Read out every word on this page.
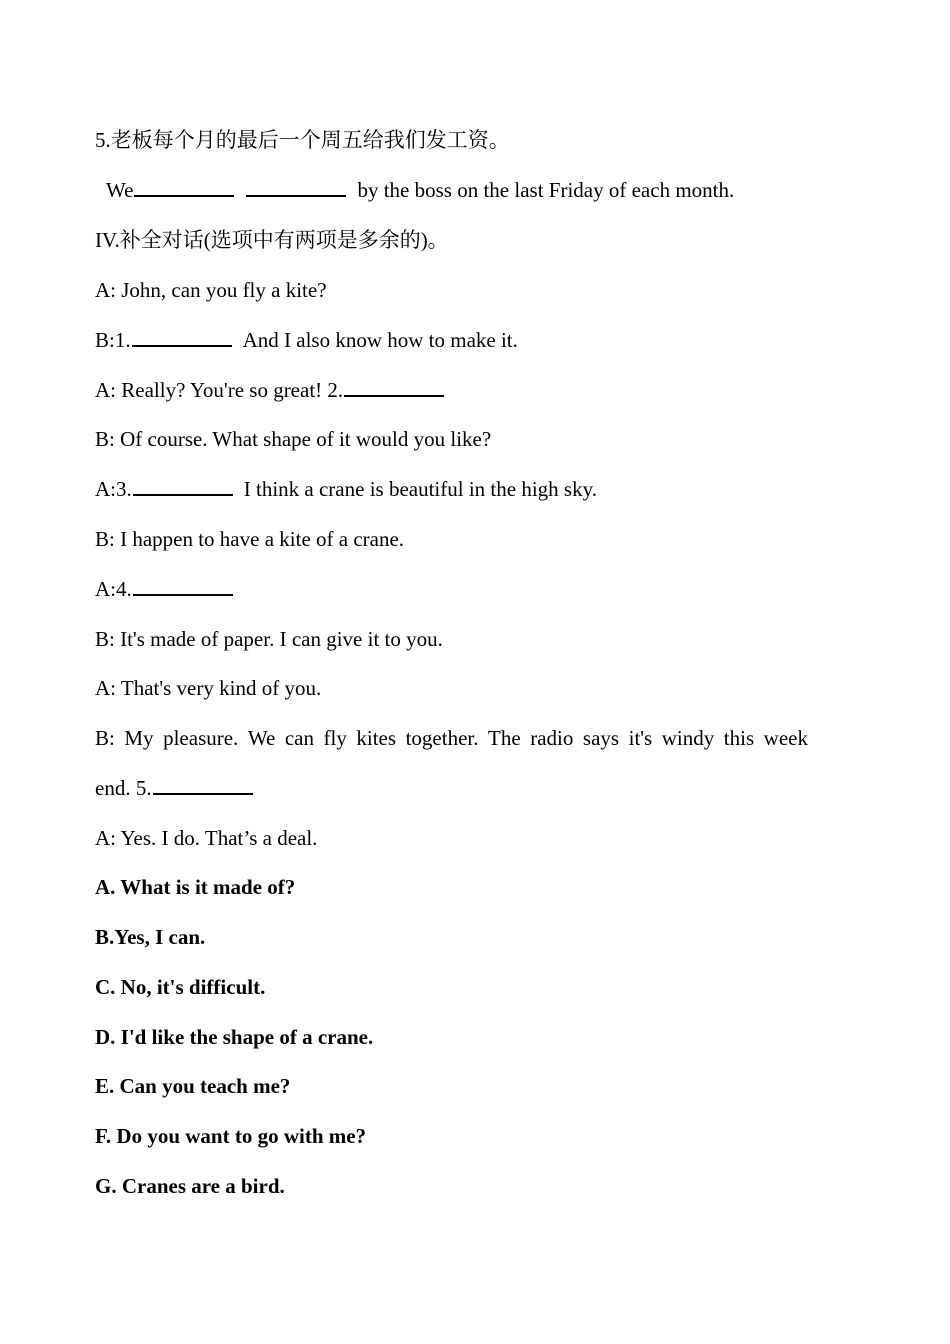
5.老板每个月的最后一个周五给我们发工资。
We	by the boss on the last Friday of each month.
IV.补全对话(选项中有两项是多余的)。
A: John, can you fly a kite?
B:1.	And I also know how to make it.
A: Really? You're so great! 2.
B: Of course. What shape of it would you like?
A:3.	I think a crane is beautiful in the high sky.
B: I happen to have a kite of a crane.
A:4.
B: It's made of paper. I can give it to you.
A: That's very kind of you.
B: My pleasure. We can fly kites together. The radio says it's windy this week
end. 5.
A: Yes. I do. That’s a deal.
A. What is it made of?
B.Yes, I can.
C. No, it's difficult.
D. I'd like the shape of a crane.
E. Can you teach me?
F. Do you want to go with me?
G. Cranes are a bird.
